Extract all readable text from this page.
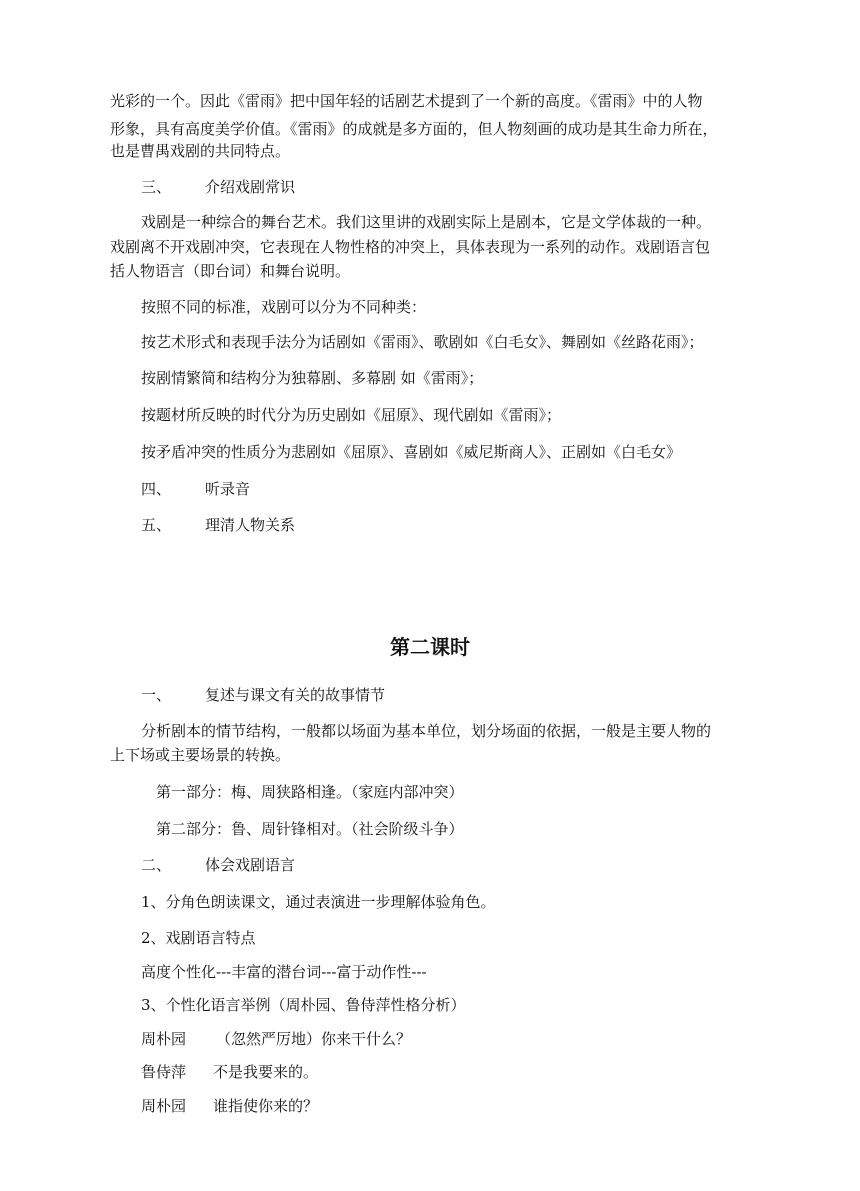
光彩的一个。因此《雷雨》把中国年轻的话剧艺术提到了一个新的高度。《雷雨》中的人物
形象，具有高度美学价值。《雷雨》的成就是多方面的，但人物刻画的成功是其生命力所在，
也是曹禺戏剧的共同特点。
三、 介绍戏剧常识
戏剧是一种综合的舞台艺术。我们这里讲的戏剧实际上是剧本，它是文学体裁的一种。
戏剧离不开戏剧冲突，它表现在人物性格的冲突上，具体表现为一系列的动作。戏剧语言包
括人物语言（即台词）和舞台说明。
按照不同的标准，戏剧可以分为不同种类：
按艺术形式和表现手法分为话剧如《雷雨》、歌剧如《白毛女》、舞剧如《丝路花雨》；
按剧情繁简和结构分为独幕剧、多幕剧 如《雷雨》；
按题材所反映的时代分为历史剧如《屈原》、现代剧如《雷雨》；
按矛盾冲突的性质分为悲剧如《屈原》、喜剧如《威尼斯商人》、正剧如《白毛女》
四、 听录音
五、 理清人物关系
第二课时
一、 复述与课文有关的故事情节
分析剧本的情节结构，一般都以场面为基本单位，划分场面的依据，一般是主要人物的
上下场或主要场景的转换。
第一部分：梅、周狭路相逢。（家庭内部冲突）
第二部分：鲁、周针锋相对。（社会阶级斗争）
二、 体会戏剧语言
1、分角色朗读课文，通过表演进一步理解体验角色。
2、戏剧语言特点
高度个性化---丰富的潜台词---富于动作性---
3、个性化语言举例（周朴园、鲁侍萍性格分析）
周朴园 （忽然严厉地）你来干什么？
鲁侍萍 不是我要来的。
周朴园 谁指使你来的？
